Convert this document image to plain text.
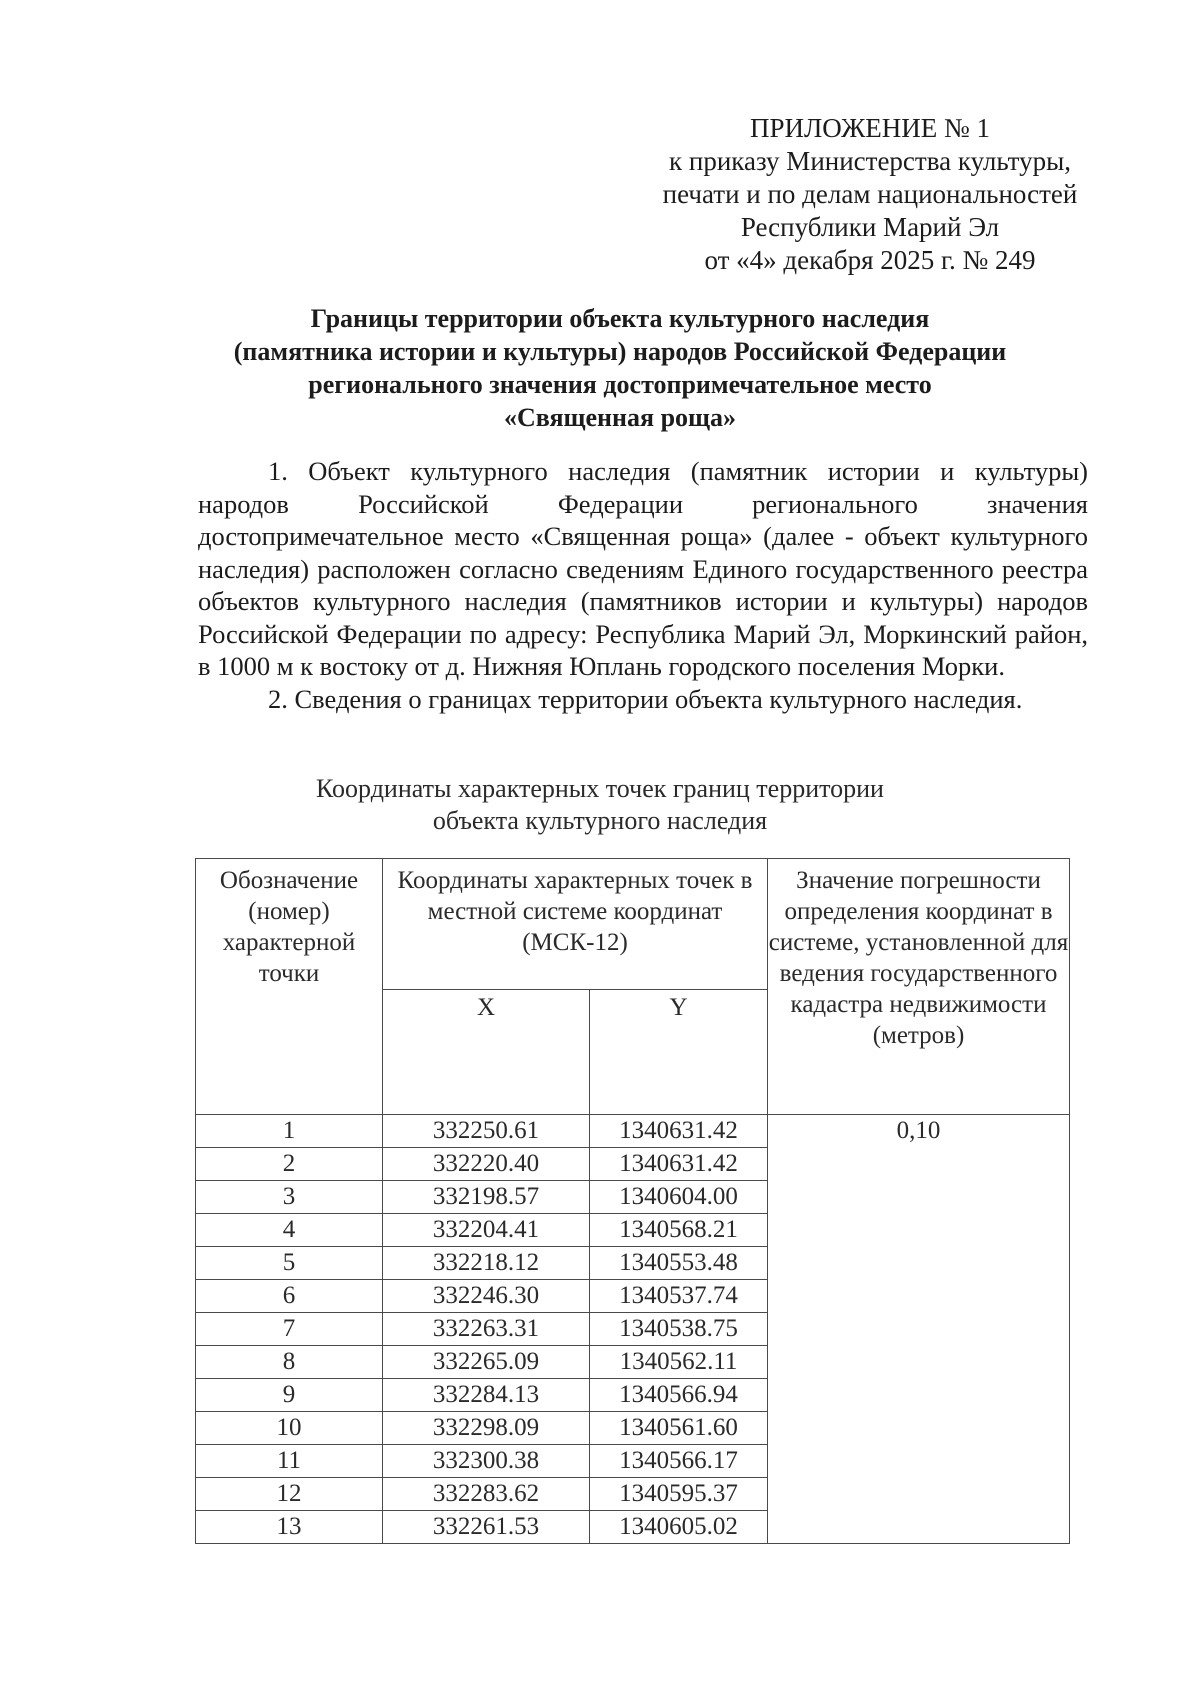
ПРИЛОЖЕНИЕ № 1
к приказу Министерства культуры,
печати и по делам национальностей
Республики Марий Эл
от «4» декабря 2025 г. № 249
Границы территории объекта культурного наследия
(памятника истории и культуры) народов Российской Федерации
регионального значения достопримечательное место
«Священная роща»

1. Объект культурного наследия (памятник истории и культуры) народов Российской Федерации регионального значения достопримечательное место «Священная роща» (далее - объект культурного наследия) расположен согласно сведениям Единого государственного реестра объектов культурного наследия (памятников истории и культуры) народов Российской Федерации по адресу: Республика Марий Эл, Моркинский район, в 1000 м к востоку от д. Нижняя Юплань городского поселения Морки.

2. Сведения о границах территории объекта культурного наследия.

Координаты характерных точек границ территории
объекта культурного наследия
Обозначение (номер) характерной точки	Координаты характерных точек в местной системе координат (МСК-12)		Значение погрешности определения координат в системе, установленной для ведения государственного кадастра недвижимости (метров)
	X	Y	
1	332250.61	1340631.42	0,10
2	332220.40	1340631.42	
3	332198.57	1340604.00	
4	332204.41	1340568.21	
5	332218.12	1340553.48	
6	332246.30	1340537.74	
7	332263.31	1340538.75	
8	332265.09	1340562.11	
9	332284.13	1340566.94	
10	332298.09	1340561.60	
11	332300.38	1340566.17	
12	332283.62	1340595.37	
13	332261.53	1340605.02	
